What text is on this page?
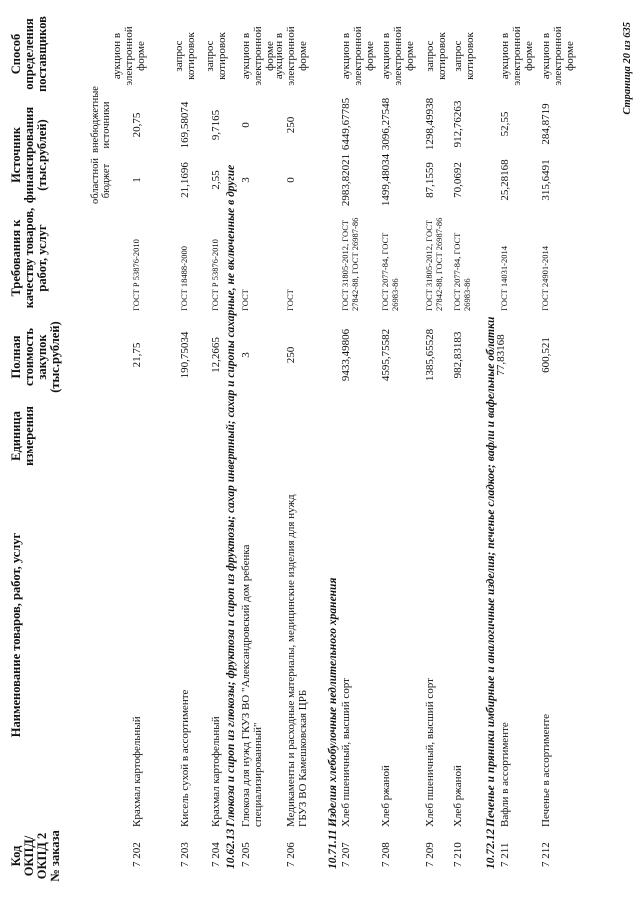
Код ОКПД/ ОКПД 2 № заказа
Наименование товаров, работ, услуг
Единица измерения
Полная стоимость закупок (тыс.рублей)
Требования к качеству товаров, работ, услуг
Источник финансирования (тыс.рублей)	областной бюджет
внебюджетные источники
Способ определения поставщиков
7 202
Крахмал картофельный
21,75
ГОСТ Р 53876-2010
1
20,75
аукцион в электронной форме
7 203
Кисель сухой в ассортименте
190,75034
ГОСТ 18488-2000
21,1696
169,58074
запрос котировок
7 204
Крахмал картофельный
12,2665
ГОСТ Р 53876-2010
2,55
9,7165
запрос котировок
10.62.13
Глюкоза и сироп из глюкозы; фруктоза и сироп из фруктозы; сахар инвертный; сахар и сиропы сахарные, не включенные в другие
7 205
Глюкоза для нужд ГКУЗ ВО "Александровский дом ребенка специализированный"
3
ГОСТ
3
0
аукцион в электронной форме
7 206
Медикаменты и расходные материалы, медицинские изделия для нужд ГБУЗ ВО Камешковская ЦРБ
250
ГОСТ
0
250
аукцион в электронной форме
10.71.11
Изделия хлебобулочные недлительного хранения
7 207
Хлеб пшеничный, высший сорт
9433,49806
ГОСТ 31805-2012, ГОСТ 27842-88, ГОСТ 26987-86
2983,82021
6449,67785
аукцион в электронной форме
7 208
Хлеб ржаной
4595,75582
ГОСТ 2077-84, ГОСТ 26983-86
1499,48034
3096,27548
аукцион в электронной форме
7 209
Хлеб пшеничный, высший сорт
1385,65528
ГОСТ 31805-2012, ГОСТ 27842-88, ГОСТ 26987-86
87,1559
1298,49938
запрос котировок
7 210
Хлеб ржаной
982,83183
ГОСТ 2077-84, ГОСТ 26983-86
70,0692
912,76263
запрос котировок
10.72.12
Печенье и пряники имбирные и аналогичные изделия; печенье сладкое; вафли и вафельные облатки
7 211
Вафли в ассортименте
77,83168
ГОСТ 14031-2014
25,28168
52,55
аукцион в электронной форме
7 212
Печенье в ассортименте
600,521
ГОСТ 24901-2014
315,6491
284,8719
аукцион в электронной форме	Страница 20 из 635
